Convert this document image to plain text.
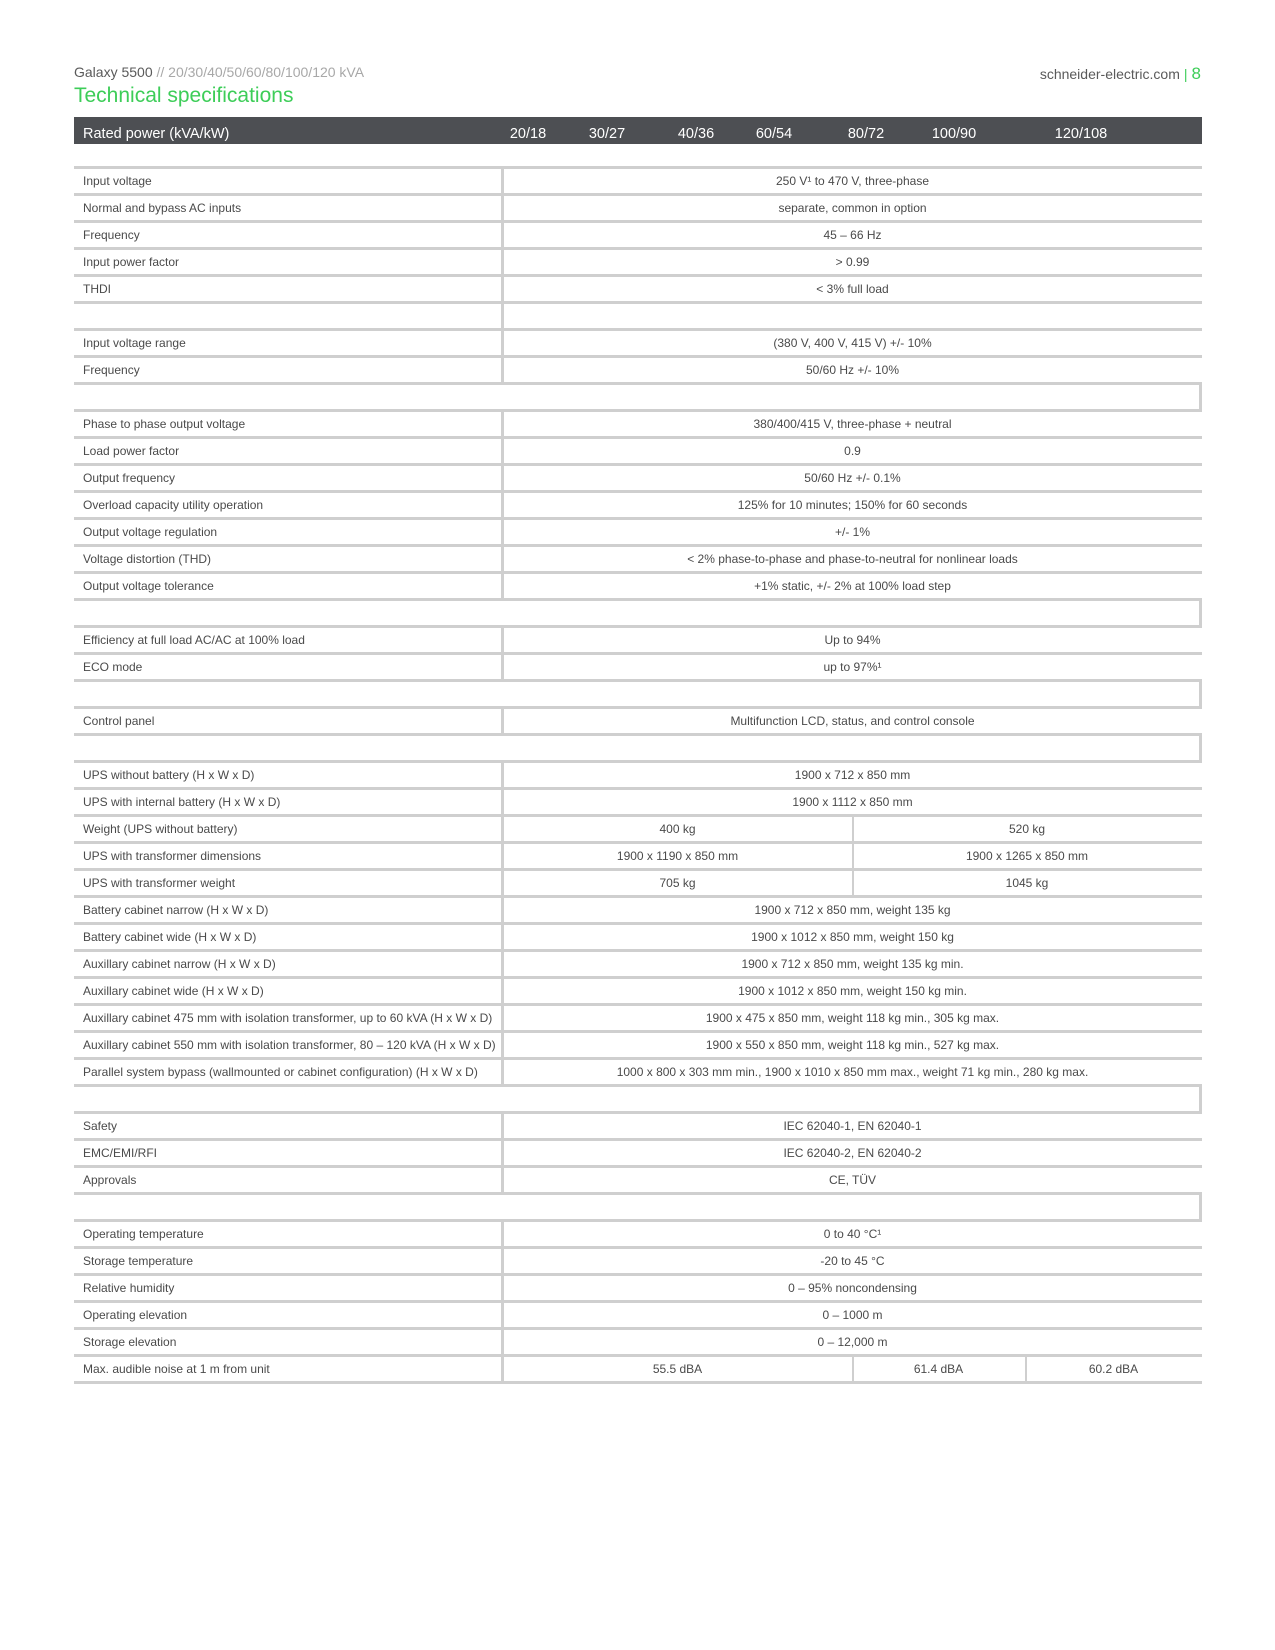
Galaxy 5500 // 20/30/40/50/60/80/100/120 kVA	schneider-electric.com | 8
Technical specifications
Rated power (kVA/kW)	20/18	30/27	40/36	60/54	80/72	100/90	120/108
Input voltage	250 V¹ to 470 V, three-phase
Normal and bypass AC inputs	separate, common in option
Frequency	45 – 66 Hz
Input power factor	> 0.99
THDI	< 3% full load
Input voltage range	(380 V, 400 V, 415 V) +/- 10%
Frequency	50/60 Hz +/- 10%
Phase to phase output voltage	380/400/415 V, three-phase + neutral
Load power factor	0.9
Output frequency	50/60 Hz +/- 0.1%
Overload capacity utility operation	125% for 10 minutes; 150% for 60 seconds
Output voltage regulation	+/- 1%
Voltage distortion (THD)	< 2% phase-to-phase and phase-to-neutral for nonlinear loads
Output voltage tolerance	+1% static, +/- 2% at 100% load step
Efficiency at full load AC/AC at 100% load	Up to 94%
ECO mode	up to 97%¹
Control panel	Multifunction LCD, status, and control console
UPS without battery (H x W x D)	1900 x 712 x 850 mm
UPS with internal battery (H x W x D)	1900 x 1112 x 850 mm
Weight (UPS without battery)	400 kg	520 kg
UPS with transformer dimensions	1900 x 1190 x 850 mm	1900 x 1265 x 850 mm
UPS with transformer weight	705 kg	1045 kg
Battery cabinet narrow (H x W x D)	1900 x 712 x 850 mm, weight 135 kg
Battery cabinet wide (H x W x D)	1900 x 1012 x 850 mm, weight 150 kg
Auxillary cabinet narrow (H x W x D)	1900 x 712 x 850 mm, weight 135 kg min.
Auxillary cabinet wide (H x W x D)	1900 x 1012 x 850 mm, weight 150 kg min.
Auxillary cabinet 475 mm with isolation transformer, up to 60 kVA (H x W x D)	1900 x 475 x 850 mm, weight 118 kg min., 305 kg max.
Auxillary cabinet 550 mm with isolation transformer, 80 – 120 kVA (H x W x D)	1900 x 550 x 850 mm, weight 118 kg min., 527 kg max.
Parallel system bypass (wallmounted or cabinet configuration) (H x W x D)	1000 x 800 x 303 mm min., 1900 x 1010 x 850 mm max., weight 71 kg min., 280 kg max.
Safety	IEC 62040-1, EN 62040-1
EMC/EMI/RFI	IEC 62040-2, EN 62040-2
Approvals	CE, TÜV
Operating temperature	0 to 40 °C¹
Storage temperature	-20 to 45 °C
Relative humidity	0 – 95% noncondensing
Operating elevation	0 – 1000 m
Storage elevation	0 – 12,000 m
Max. audible noise at 1 m from unit	55.5 dBA	61.4 dBA	60.2 dBA
